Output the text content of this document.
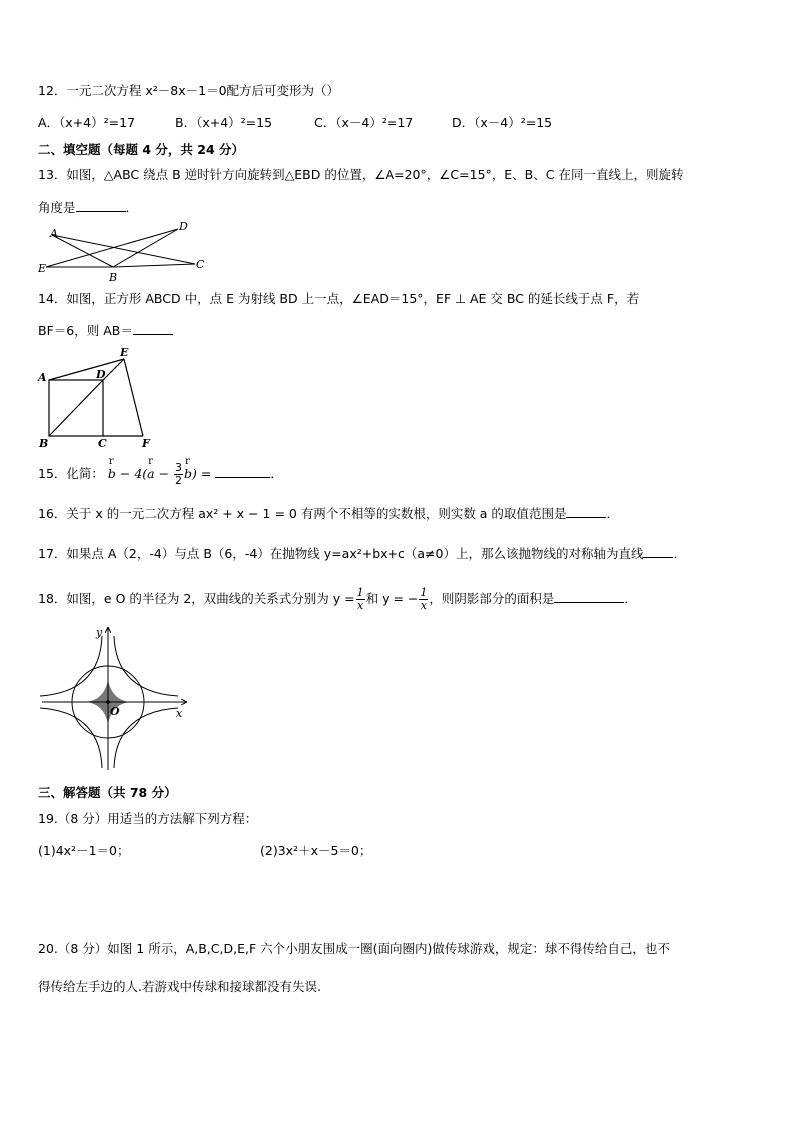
12．一元二次方程 x²－8x－1＝0配方后可变形为（）
A．（x+4）²=17	B．（x+4）²=15	C．（x－4）²=17	D．（x－4）²=15
二、填空题（每题 4 分，共 24 分）
13．如图，△ABC 绕点 B 逆时针方向旋转到△EBD 的位置，∠A=20°，∠C=15°，E、B、C 在同一直线上，则旋转
角度是	．
A
E
B
C
D
14．如图，正方形 ABCD 中，点 E 为射线 BD 上一点，∠EAD＝15°，EF ⊥ AE 交 BC 的延长线于点 F，若
BF＝6，则 AB＝
A
B	C
D
E
F
15．化简：
r
b − 4(
r
$a - \frac{3}{2}$
r
b) =	．
16．关于 x 的一元二次方程 ax² + x − 1 = 0 有两个不相等的实数根，则实数 a 的取值范围是	．
17．如果点 A（2，-4）与点 B（6，-4）在抛物线 y=ax²+bx+c（a≠0）上，那么该抛物线的对称轴为直线 ．
18．如图，e O 的半径为 2，双曲线的关系式分别为 $y = \frac{1}{x}$ 和 y = − $\frac{1}{x}$ ，则阴影部分的面积是	．
y
x
O
三、解答题（共 78 分）
19.（8 分）用适当的方法解下列方程：
(1)4x²－1＝0；	(2)3x²＋x－5＝0；
20.（8 分）如图 1 所示，A,B,C,D,E,F 六个小朋友围成一圈(面向圈内)做传球游戏，规定：球不得传给自己，也不
得传给左手边的人.若游戏中传球和接球都没有失误.
